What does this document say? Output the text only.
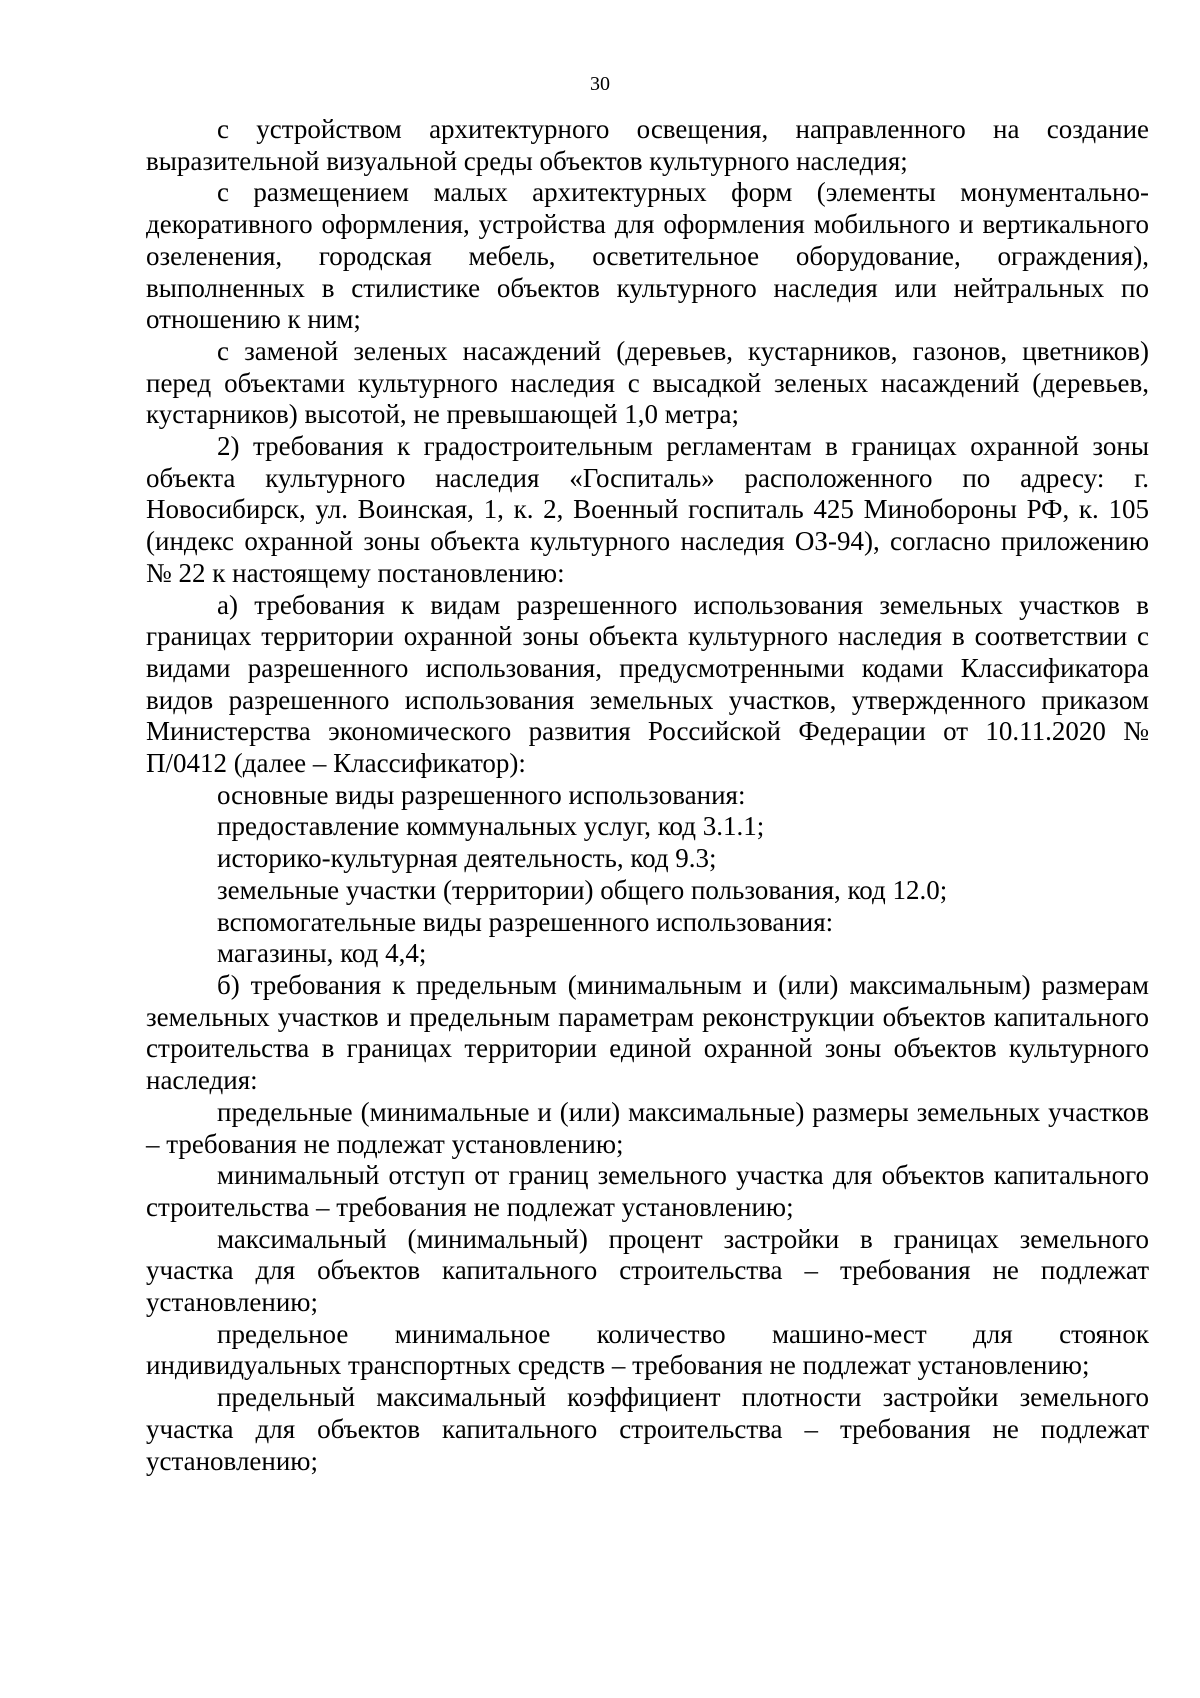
30

с устройством архитектурного освещения, направленного на создание выразительной визуальной среды объектов культурного наследия;

с размещением малых архитектурных форм (элементы монументально-декоративного оформления, устройства для оформления мобильного и вертикального озеленения, городская мебель, осветительное оборудование, ограждения), выполненных в стилистике объектов культурного наследия или нейтральных по отношению к ним;

с заменой зеленых насаждений (деревьев, кустарников, газонов, цветников) перед объектами культурного наследия с высадкой зеленых насаждений (деревьев, кустарников) высотой, не превышающей 1,0 метра;

2) требования к градостроительным регламентам в границах охранной зоны объекта культурного наследия «Госпиталь» расположенного по адресу: г. Новосибирск, ул. Воинская, 1, к. 2, Военный госпиталь 425 Минобороны РФ, к. 105 (индекс охранной зоны объекта культурного наследия ОЗ-94), согласно приложению № 22 к настоящему постановлению:

а) требования к видам разрешенного использования земельных участков в границах территории охранной зоны объекта культурного наследия в соответствии с видами разрешенного использования, предусмотренными кодами Классификатора видов разрешенного использования земельных участков, утвержденного приказом Министерства экономического развития Российской Федерации от 10.11.2020 № П/0412 (далее – Классификатор):

основные виды разрешенного использования:

предоставление коммунальных услуг, код 3.1.1;

историко-культурная деятельность, код 9.3;

земельные участки (территории) общего пользования, код 12.0;

вспомогательные виды разрешенного использования:

магазины, код 4,4;

б) требования к предельным (минимальным и (или) максимальным) размерам земельных участков и предельным параметрам реконструкции объектов капитального строительства в границах территории единой охранной зоны объектов культурного наследия:

предельные (минимальные и (или) максимальные) размеры земельных участков – требования не подлежат установлению;

минимальный отступ от границ земельного участка для объектов капитального строительства – требования не подлежат установлению;

максимальный (минимальный) процент застройки в границах земельного участка для объектов капитального строительства – требования не подлежат установлению;

предельное минимальное количество машино-мест для стоянок индивидуальных транспортных средств – требования не подлежат установлению;

предельный максимальный коэффициент плотности застройки земельного участка для объектов капитального строительства – требования не подлежат установлению;
